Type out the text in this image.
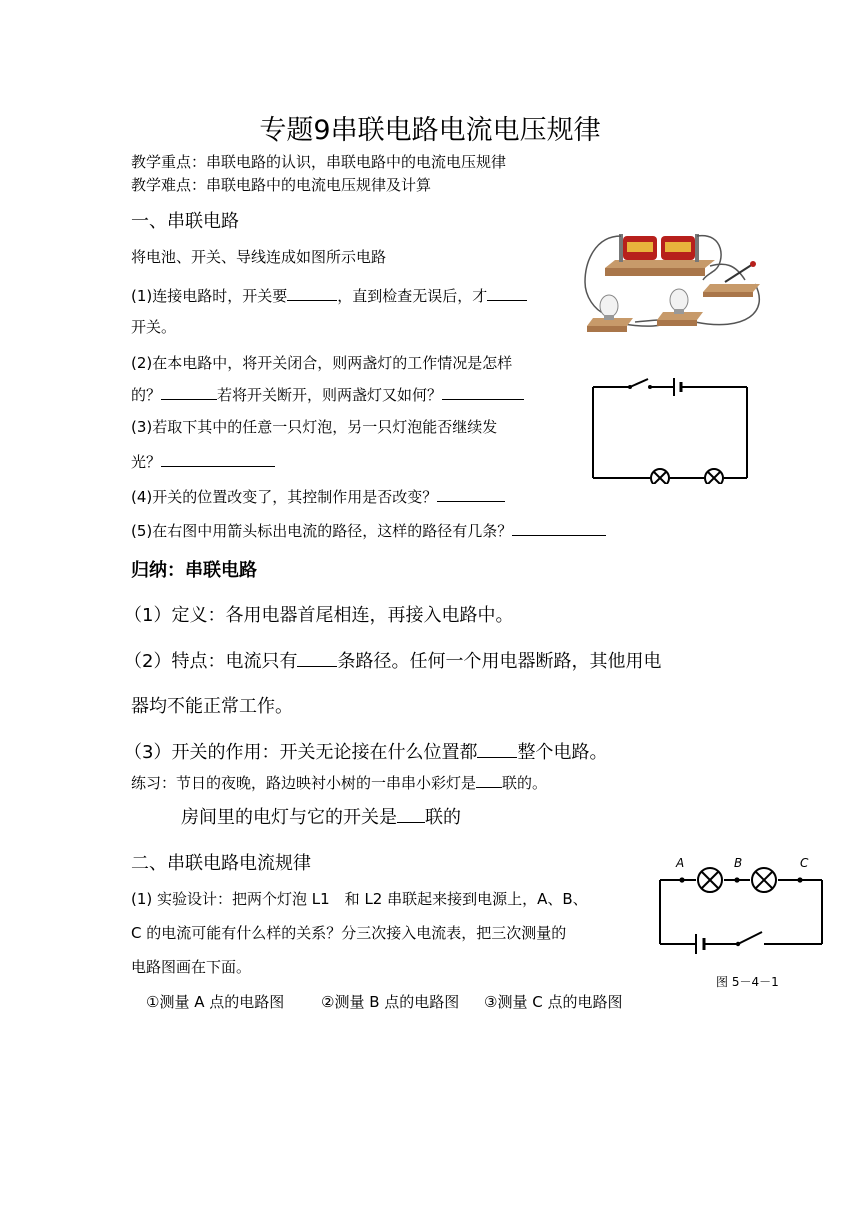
专题9串联电路电流电压规律
教学重点：串联电路的认识，串联电路中的电流电压规律
教学难点：串联电路中的电流电压规律及计算
一、串联电路
将电池、开关、导线连成如图所示电路
(1)连接电路时，开关要	，直到检查无误后，才
开关。
(2)在本电路中，将开关闭合，则两盏灯的工作情况是怎样
的？	若将开关断开，则两盏灯又如何？
(3)若取下其中的任意一只灯泡，另一只灯泡能否继续发
光？
(4)开关的位置改变了，其控制作用是否改变？
(5)在右图中用箭头标出电流的路径，这样的路径有几条？
归纳：串联电路
（1）定义：各用电器首尾相连，再接入电路中。
（2）特点：电流只有 条路径。任何一个用电器断路，其他用电
器均不能正常工作。
（3）开关的作用：开关无论接在什么位置都 整个电路。
练习：节日的夜晚，路边映衬小树的一串串小彩灯是 联的。
房间里的电灯与它的开关是 联的
二、串联电路电流规律
(1) 实验设计：把两个灯泡 L1　和 L2 串联起来接到电源上，A、B、
C 的电流可能有什么样的关系？分三次接入电流表，把三次测量的
电路图画在下面。
①测量 A 点的电路图 ②测量 B 点的电路图 ③测量 C 点的电路图
A	B	C
图 5－4－1
